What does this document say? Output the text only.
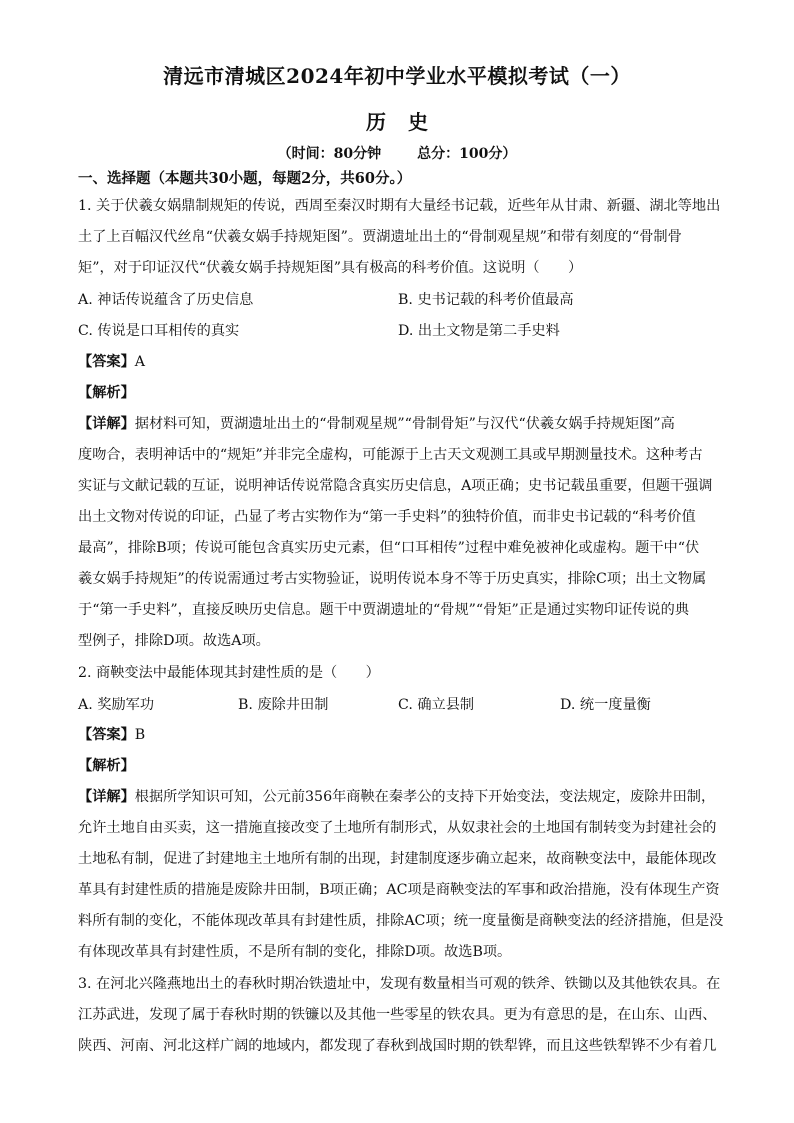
清远市清城区2024年初中学业水平模拟考试（一）
历史
（时间：80分钟	总分：100分）
一、选择题（本题共30小题，每题2分，共60分。）
1. 关于伏羲女娲鼎制规矩的传说，西周至秦汉时期有大量经书记载，近些年从甘肃、新疆、湖北等地出
土了上百幅汉代丝帛“伏羲女娲手持规矩图”。贾湖遗址出土的“骨制观星规”和带有刻度的“骨制骨
矩”，对于印证汉代“伏羲女娲手持规矩图”具有极高的科考价值。这说明（　　）
A. 神话传说蕴含了历史信息	B. 史书记载的科考价值最高
C. 传说是口耳相传的真实	D. 出土文物是第二手史料
【答案】A
【解析】
【详解】据材料可知，贾湖遗址出土的“骨制观星规”“骨制骨矩”与汉代“伏羲女娲手持规矩图”高
度吻合，表明神话中的“规矩”并非完全虚构，可能源于上古天文观测工具或早期测量技术。这种考古
实证与文献记载的互证，说明神话传说常隐含真实历史信息，A项正确；史书记载虽重要，但题干强调
出土文物对传说的印证，凸显了考古实物作为“第一手史料”的独特价值，而非史书记载的“科考价值
最高”，排除B项；传说可能包含真实历史元素，但“口耳相传”过程中难免被神化或虚构。题干中“伏
羲女娲手持规矩”的传说需通过考古实物验证，说明传说本身不等于历史真实，排除C项；出土文物属
于“第一手史料”，直接反映历史信息。题干中贾湖遗址的“骨规”“骨矩”正是通过实物印证传说的典
型例子，排除D项。故选A项。
2. 商鞅变法中最能体现其封建性质的是（　　）
A. 奖励军功	B. 废除井田制	C. 确立县制	D. 统一度量衡
【答案】B
【解析】
【详解】根据所学知识可知，公元前356年商鞅在秦孝公的支持下开始变法，变法规定，废除井田制，
允许土地自由买卖，这一措施直接改变了土地所有制形式，从奴隶社会的土地国有制转变为封建社会的
土地私有制，促进了封建地主土地所有制的出现，封建制度逐步确立起来，故商鞅变法中，最能体现改
革具有封建性质的措施是废除井田制，B项正确；AC项是商鞅变法的军事和政治措施，没有体现生产资
料所有制的变化，不能体现改革具有封建性质，排除AC项；统一度量衡是商鞅变法的经济措施，但是没
有体现改革具有封建性质，不是所有制的变化，排除D项。故选B项。
3. 在河北兴隆燕地出土的春秋时期冶铁遗址中，发现有数量相当可观的铁斧、铁锄以及其他铁农具。在
江苏武进，发现了属于春秋时期的铁镰以及其他一些零星的铁农具。更为有意思的是，在山东、山西、
陕西、河南、河北这样广阔的地域内，都发现了春秋到战国时期的铁犁铧，而且这些铁犁铧不少有着几
